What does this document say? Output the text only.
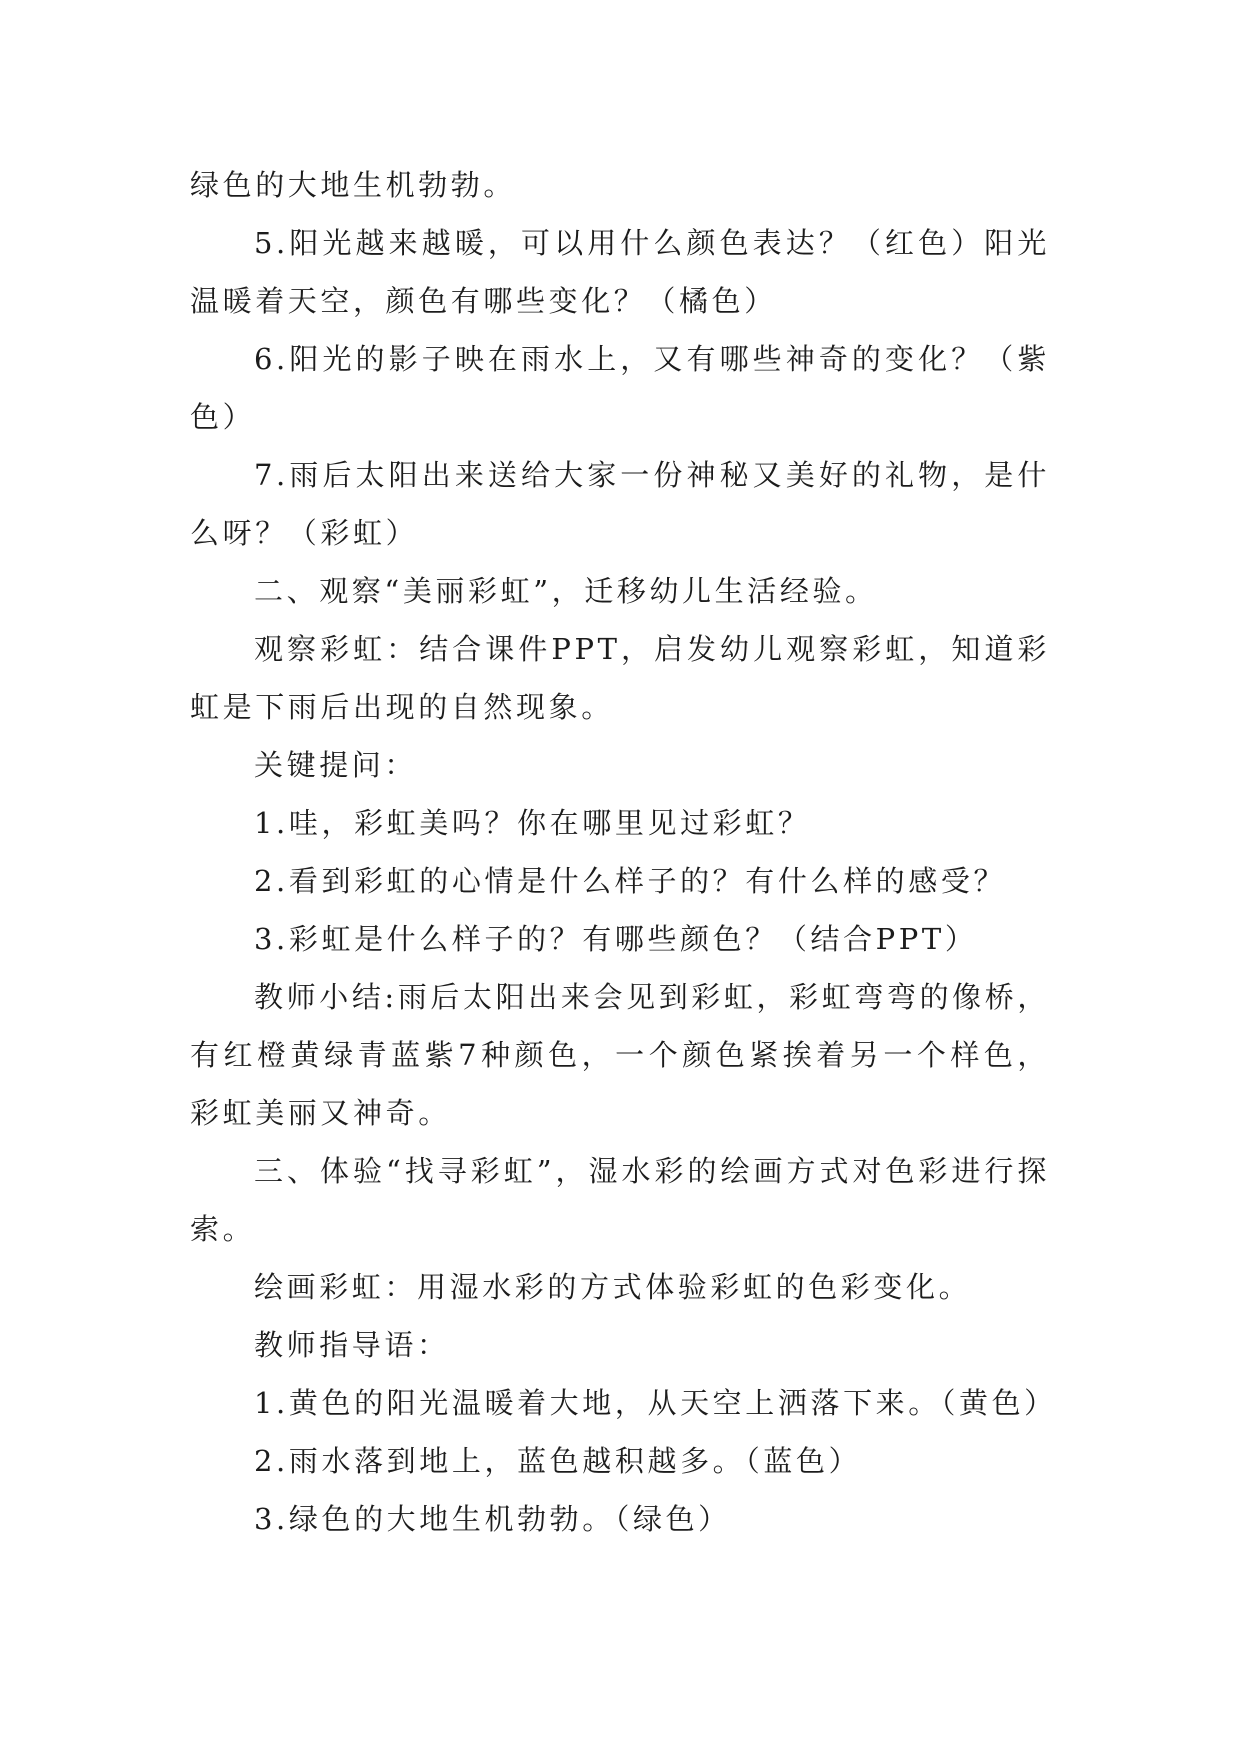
绿色的大地生机勃勃。

5.阳光越来越暖，可以用什么颜色表达？（红色）阳光温暖着天空，颜色有哪些变化？（橘色）

6.阳光的影子映在雨水上，又有哪些神奇的变化？（紫色）

7.雨后太阳出来送给大家一份神秘又美好的礼物，是什么呀？（彩虹）

二、观察“美丽彩虹”，迁移幼儿生活经验。

观察彩虹：结合课件PPT，启发幼儿观察彩虹，知道彩虹是下雨后出现的自然现象。

关键提问：

1.哇，彩虹美吗？你在哪里见过彩虹？

2.看到彩虹的心情是什么样子的？有什么样的感受？

3.彩虹是什么样子的？有哪些颜色？（结合PPT）

教师小结:雨后太阳出来会见到彩虹，彩虹弯弯的像桥，有红橙黄绿青蓝紫7种颜色，一个颜色紧挨着另一个样色，彩虹美丽又神奇。

三、体验“找寻彩虹”，湿水彩的绘画方式对色彩进行探索。

绘画彩虹：用湿水彩的方式体验彩虹的色彩变化。

教师指导语：

1.黄色的阳光温暖着大地，从天空上洒落下来。（黄色）

2.雨水落到地上，蓝色越积越多。（蓝色）

3.绿色的大地生机勃勃。（绿色）
